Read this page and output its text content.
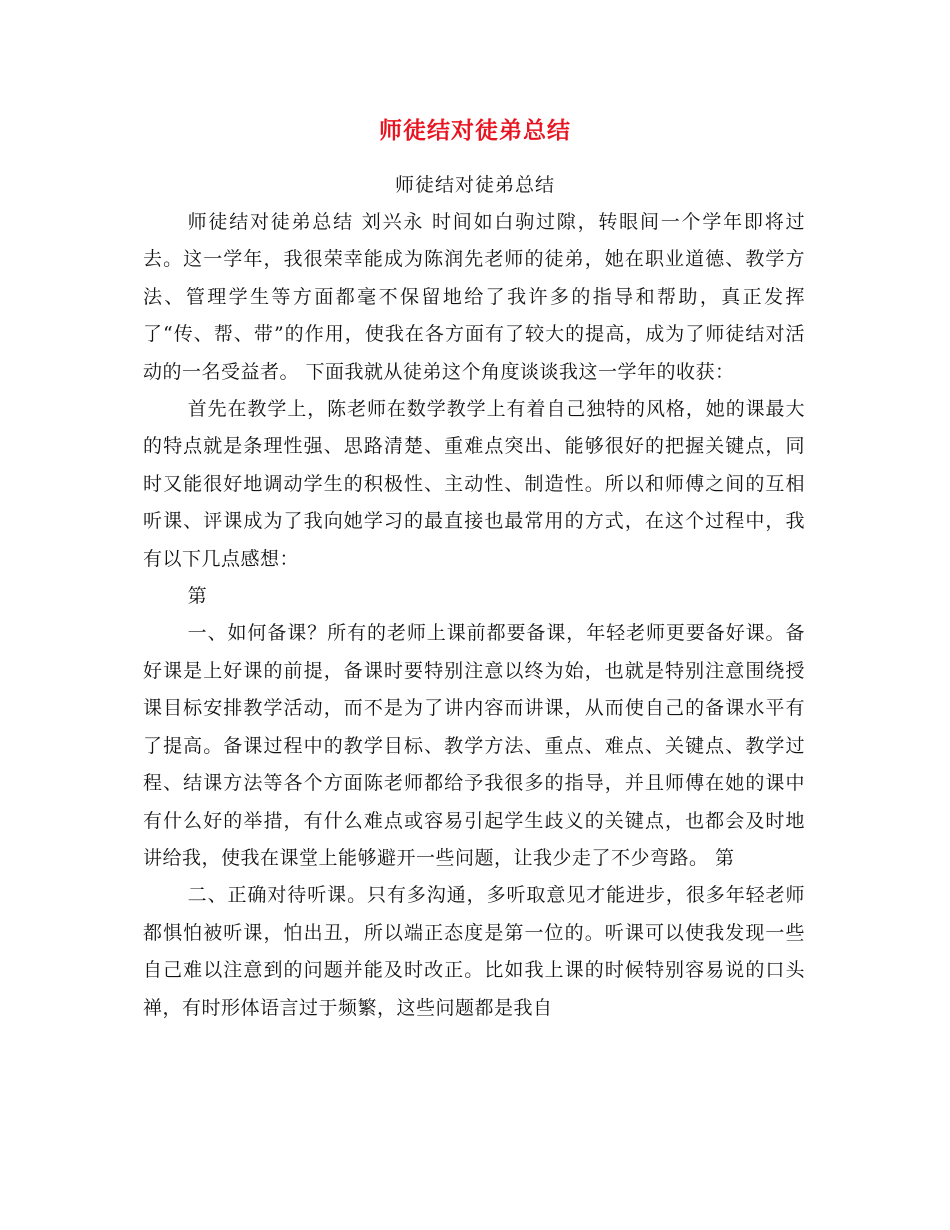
师徒结对徒弟总结
师徒结对徒弟总结

师徒结对徒弟总结 刘兴永 时间如白驹过隙，转眼间一个学年即将过去。这一学年，我很荣幸能成为陈润先老师的徒弟，她在职业道德、教学方法、管理学生等方面都毫不保留地给了我许多的指导和帮助，真正发挥了“传、帮、带”的作用，使我在各方面有了较大的提高，成为了师徒结对活动的一名受益者。 下面我就从徒弟这个角度谈谈我这一学年的收获：

首先在教学上，陈老师在数学教学上有着自己独特的风格，她的课最大的特点就是条理性强、思路清楚、重难点突出、能够很好的把握关键点，同时又能很好地调动学生的积极性、主动性、制造性。所以和师傅之间的互相听课、评课成为了我向她学习的最直接也最常用的方式，在这个过程中，我有以下几点感想：

第

一、如何备课？所有的老师上课前都要备课，年轻老师更要备好课。备好课是上好课的前提，备课时要特别注意以终为始，也就是特别注意围绕授课目标安排教学活动，而不是为了讲内容而讲课，从而使自己的备课水平有了提高。备课过程中的教学目标、教学方法、重点、难点、关键点、教学过程、结课方法等各个方面陈老师都给予我很多的指导，并且师傅在她的课中有什么好的举措，有什么难点或容易引起学生歧义的关键点，也都会及时地讲给我，使我在课堂上能够避开一些问题，让我少走了不少弯路。 第

二、正确对待听课。只有多沟通，多听取意见才能进步，很多年轻老师都惧怕被听课，怕出丑，所以端正态度是第一位的。听课可以使我发现一些自己难以注意到的问题并能及时改正。比如我上课的时候特别容易说的口头禅，有时形体语言过于频繁，这些问题都是我自
